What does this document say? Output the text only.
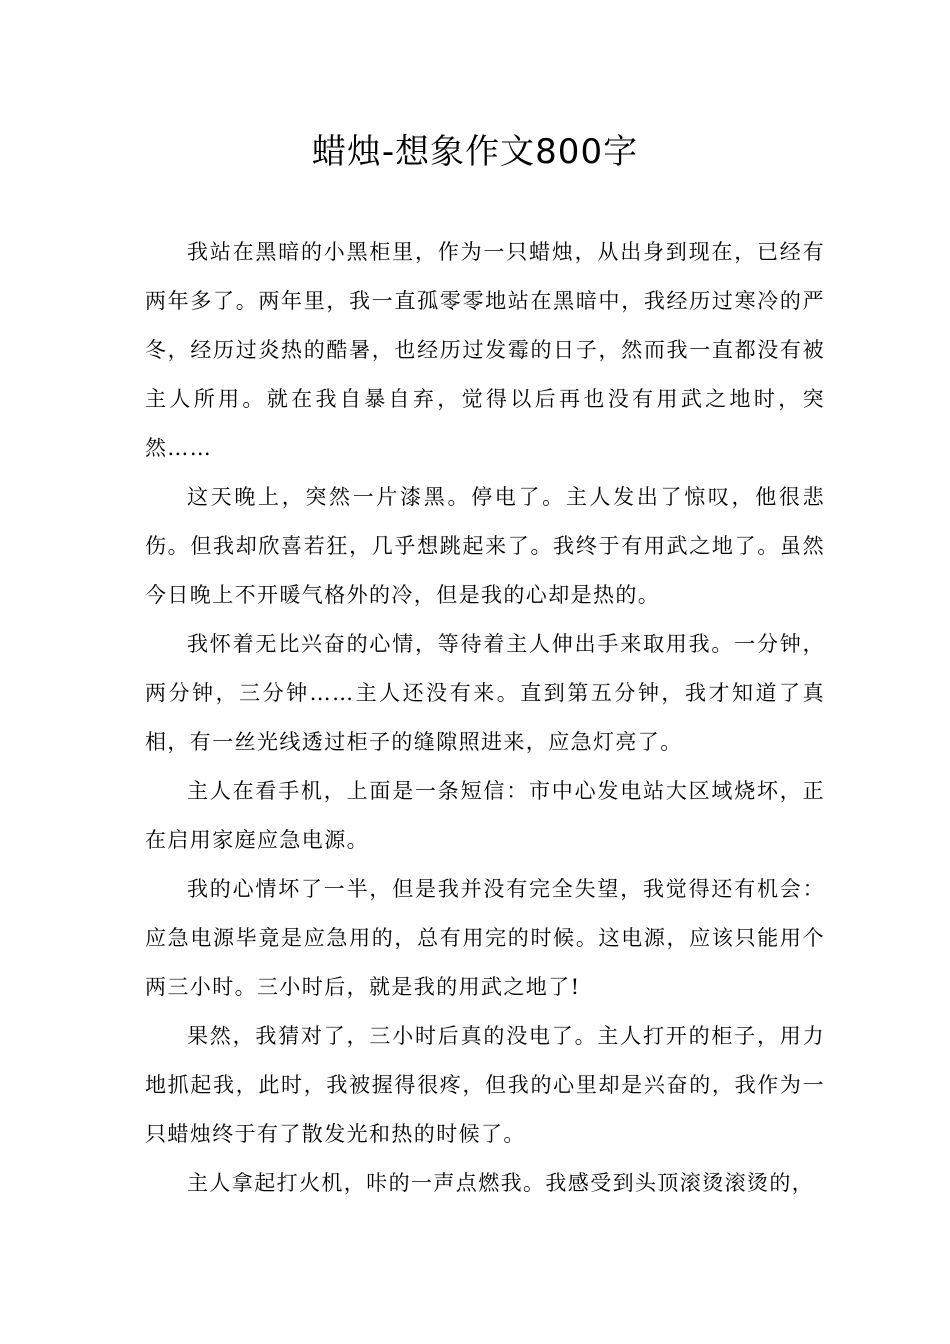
蜡烛-想象作文800字

我站在黑暗的小黑柜里，作为一只蜡烛，从出身到现在，已经有两年多了。两年里，我一直孤零零地站在黑暗中，我经历过寒冷的严冬，经历过炎热的酷暑，也经历过发霉的日子，然而我一直都没有被主人所用。就在我自暴自弃，觉得以后再也没有用武之地时，突然……

这天晚上，突然一片漆黑。停电了。主人发出了惊叹，他很悲伤。但我却欣喜若狂，几乎想跳起来了。我终于有用武之地了。虽然今日晚上不开暖气格外的冷，但是我的心却是热的。

我怀着无比兴奋的心情，等待着主人伸出手来取用我。一分钟，两分钟，三分钟……主人还没有来。直到第五分钟，我才知道了真相，有一丝光线透过柜子的缝隙照进来，应急灯亮了。

主人在看手机，上面是一条短信：市中心发电站大区域烧坏，正在启用家庭应急电源。

我的心情坏了一半，但是我并没有完全失望，我觉得还有机会：应急电源毕竟是应急用的，总有用完的时候。这电源，应该只能用个两三小时。三小时后，就是我的用武之地了!

果然，我猜对了，三小时后真的没电了。主人打开的柜子，用力地抓起我，此时，我被握得很疼，但我的心里却是兴奋的，我作为一只蜡烛终于有了散发光和热的时候了。

主人拿起打火机，咔的一声点燃我。我感受到头顶滚烫滚烫的，
